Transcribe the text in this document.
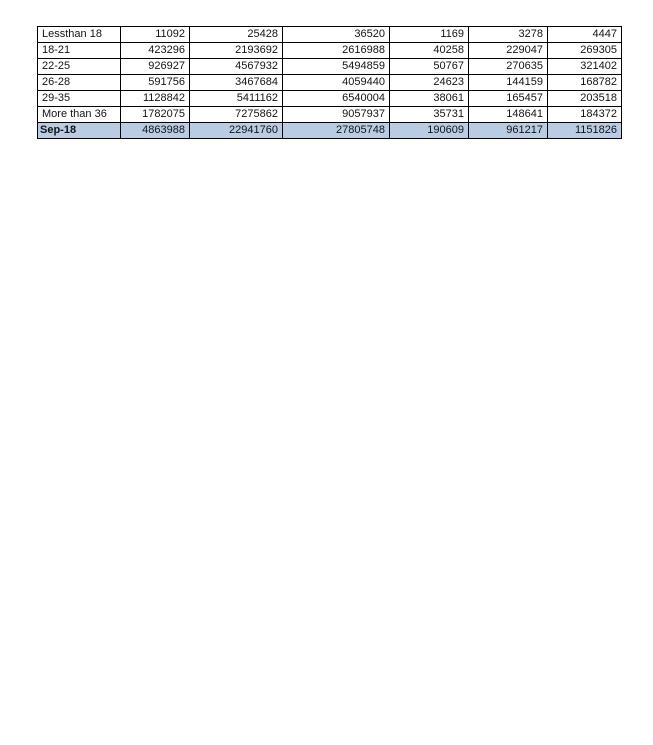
Lessthan 18	11092	25428	36520	1169	3278	4447
18-21	423296	2193692	2616988	40258	229047	269305
22-25	926927	4567932	5494859	50767	270635	321402
26-28	591756	3467684	4059440	24623	144159	168782
29-35	1128842	5411162	6540004	38061	165457	203518
More than 36	1782075	7275862	9057937	35731	148641	184372
Sep-18	4863988	22941760	27805748	190609	961217	1151826
